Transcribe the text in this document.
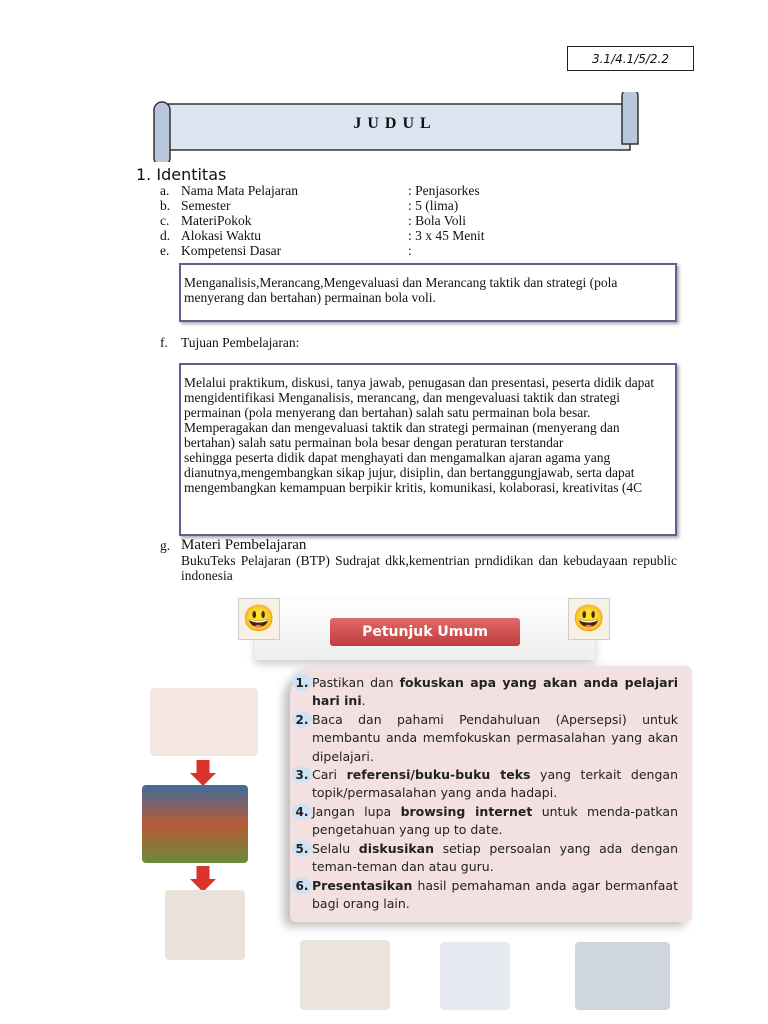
3.1/4.1/5/2.2
JUDUL
1. Identitas
a. Nama Mata Pelajaran	: Penjasorkes
b. Semester	: 5 (lima)
c. MateriPokok	: Bola Voli
d. Alokasi Waktu	: 3 x 45 Menit
e. Kompetensi Dasar	:
Menganalisis,Merancang,Mengevaluasi dan Merancang taktik dan strategi (pola menyerang dan bertahan) permainan bola voli.
f. Tujuan Pembelajaran:
Melalui praktikum, diskusi, tanya jawab, penugasan dan presentasi, peserta didik dapat mengidentifikasi Menganalisis, merancang, dan mengevaluasi taktik dan strategi permainan (pola menyerang dan bertahan) salah satu permainan bola besar. Memperagakan dan mengevaluasi taktik dan strategi permainan (menyerang dan bertahan) salah satu permainan bola besar dengan peraturan terstandar
sehingga peserta didik dapat menghayati dan mengamalkan ajaran agama yang dianutnya,mengembangkan sikap jujur, disiplin, dan bertanggungjawab, serta dapat mengembangkan kemampuan berpikir kritis, komunikasi, kolaborasi, kreativitas (4C
g. Materi Pembelajaran
BukuTeks Pelajaran (BTP) Sudrajat dkk,kementrian prndidikan dan kebudayaan republic indonesia
😃	😃
Petunjuk Umum
1. Pastikan dan fokuskan apa yang akan anda pelajari hari ini.
2. Baca dan pahami Pendahuluan (Apersepsi) untuk membantu anda memfokuskan permasalahan yang akan dipelajari.
3. Cari referensi/buku-buku teks yang terkait dengan topik/permasalahan yang anda hadapi.
4. Jangan lupa browsing internet untuk menda-patkan pengetahuan yang up to date.
5. Selalu diskusikan setiap persoalan yang ada dengan teman-teman dan atau guru.
6. Presentasikan hasil pemahaman anda agar bermanfaat bagi orang lain.
